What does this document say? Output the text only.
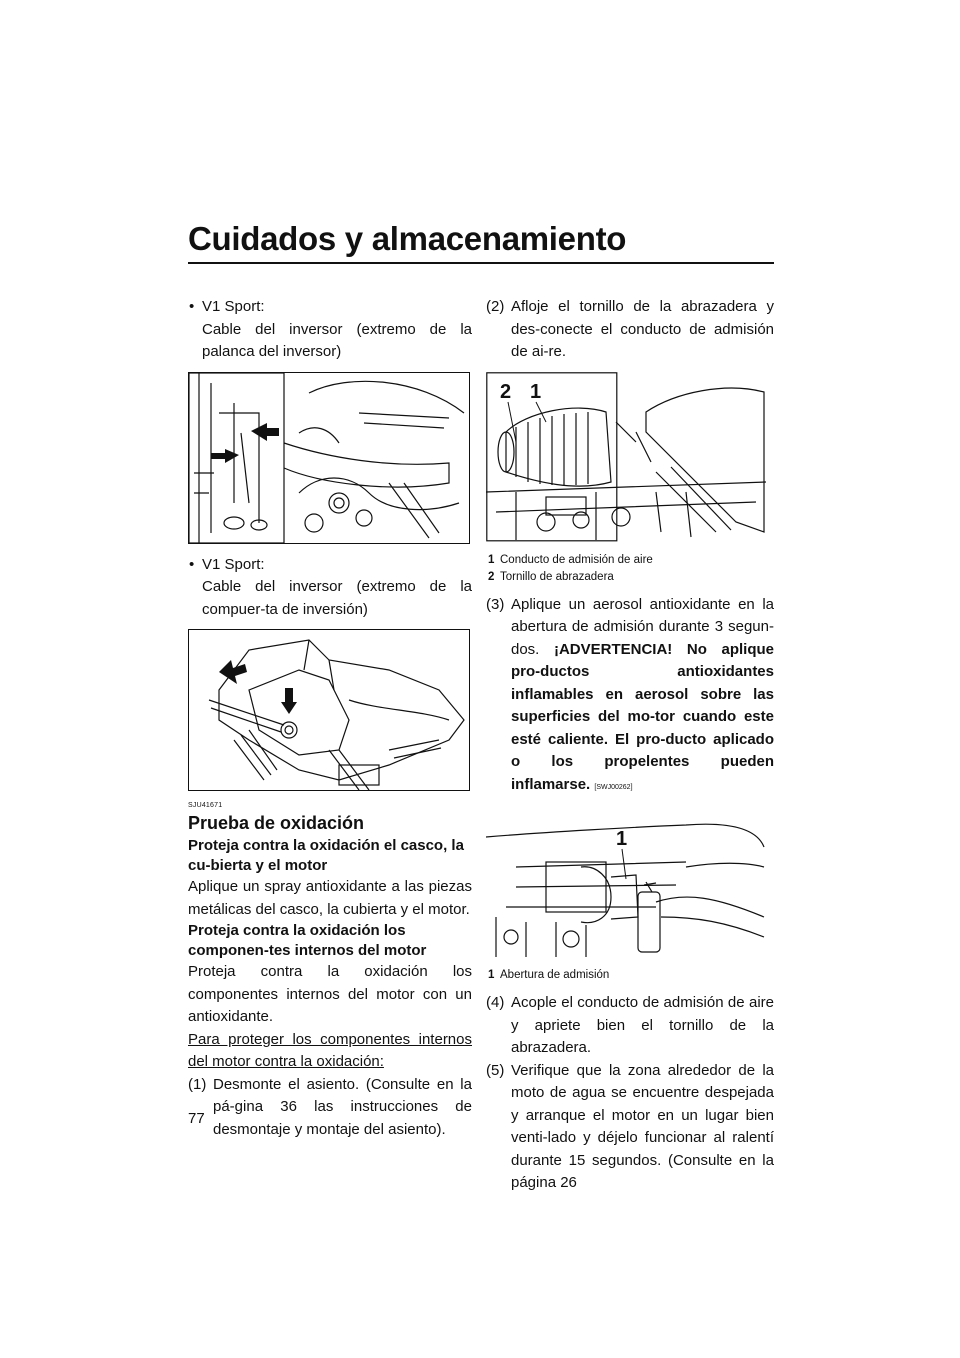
Cuidados y almacenamiento
• V1 Sport:
Cable del inversor (extremo de la palanca del inversor)
• V1 Sport:
Cable del inversor (extremo de la compuer-ta de inversión)
SJU41671
Prueba de oxidación
Proteja contra la oxidación el casco, la cu-bierta y el motor
Aplique un spray antioxidante a las piezas metálicas del casco, la cubierta y el motor.
Proteja contra la oxidación los componen-tes internos del motor
Proteja contra la oxidación los componentes internos del motor con un antioxidante.
Para proteger los componentes internos del motor contra la oxidación:
(1) Desmonte el asiento. (Consulte en la pá-gina 36 las instrucciones de desmontaje y montaje del asiento).
(2) Afloje el tornillo de la abrazadera y des-conecte el conducto de admisión de ai-re.
2 1
1 Conducto de admisión de aire
2 Tornillo de abrazadera
(3) Aplique un aerosol antioxidante en la abertura de admisión durante 3 segun-dos. ¡ADVERTENCIA! No aplique pro-ductos antioxidantes inflamables en aerosol sobre las superficies del mo-tor cuando este esté caliente. El pro-ducto aplicado o los propelentes pueden inflamarse. [SWJ00262]
1
1 Abertura de admisión
(4) Acople el conducto de admisión de aire y apriete bien el tornillo de la abrazadera.
(5) Verifique que la zona alrededor de la moto de agua se encuentre despejada y arranque el motor en un lugar bien venti-lado y déjelo funcionar al ralentí durante 15 segundos. (Consulte en la página 26
77
